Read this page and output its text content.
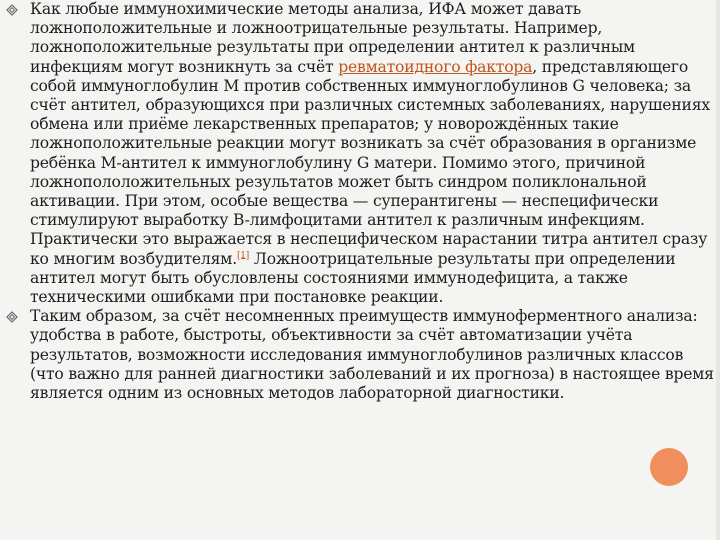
Как любые иммунохимические методы анализа, ИФА может давать ложноположительные и ложноотрицательные результаты. Например, ложноположительные результаты при определении антител к различным инфекциям могут возникнуть за счёт ревматоидного фактора, представляющего собой иммуноглобулин M против собственных иммуноглобулинов G человека; за счёт антител, образующихся при различных системных заболеваниях, нарушениях обмена или приёме лекарственных препаратов; у новорождённых такие ложноположительные реакции могут возникать за счёт образования в организме ребёнка M-антител к иммуноглобулину G матери. Помимо этого, причиной ложнопололожительных результатов может быть синдром поликлональной активации. При этом, особые вещества — суперантигены — неспецифически стимулируют выработку B-лимфоцитами антител к различным инфекциям. Практически это выражается в неспецифическом нарастании титра антител сразу ко многим возбудителям.[1] Ложноотрицательные результаты при определении антител могут быть обусловлены состояниями иммунодефицита, а также техническими ошибками при постановке реакции.
Таким образом, за счёт несомненных преимуществ иммуноферментного анализа: удобства в работе, быстроты, объективности за счёт автоматизации учёта результатов, возможности исследования иммуноглобулинов различных классов (что важно для ранней диагностики заболеваний и их прогноза) в настоящее время является одним из основных методов лабораторной диагностики.
